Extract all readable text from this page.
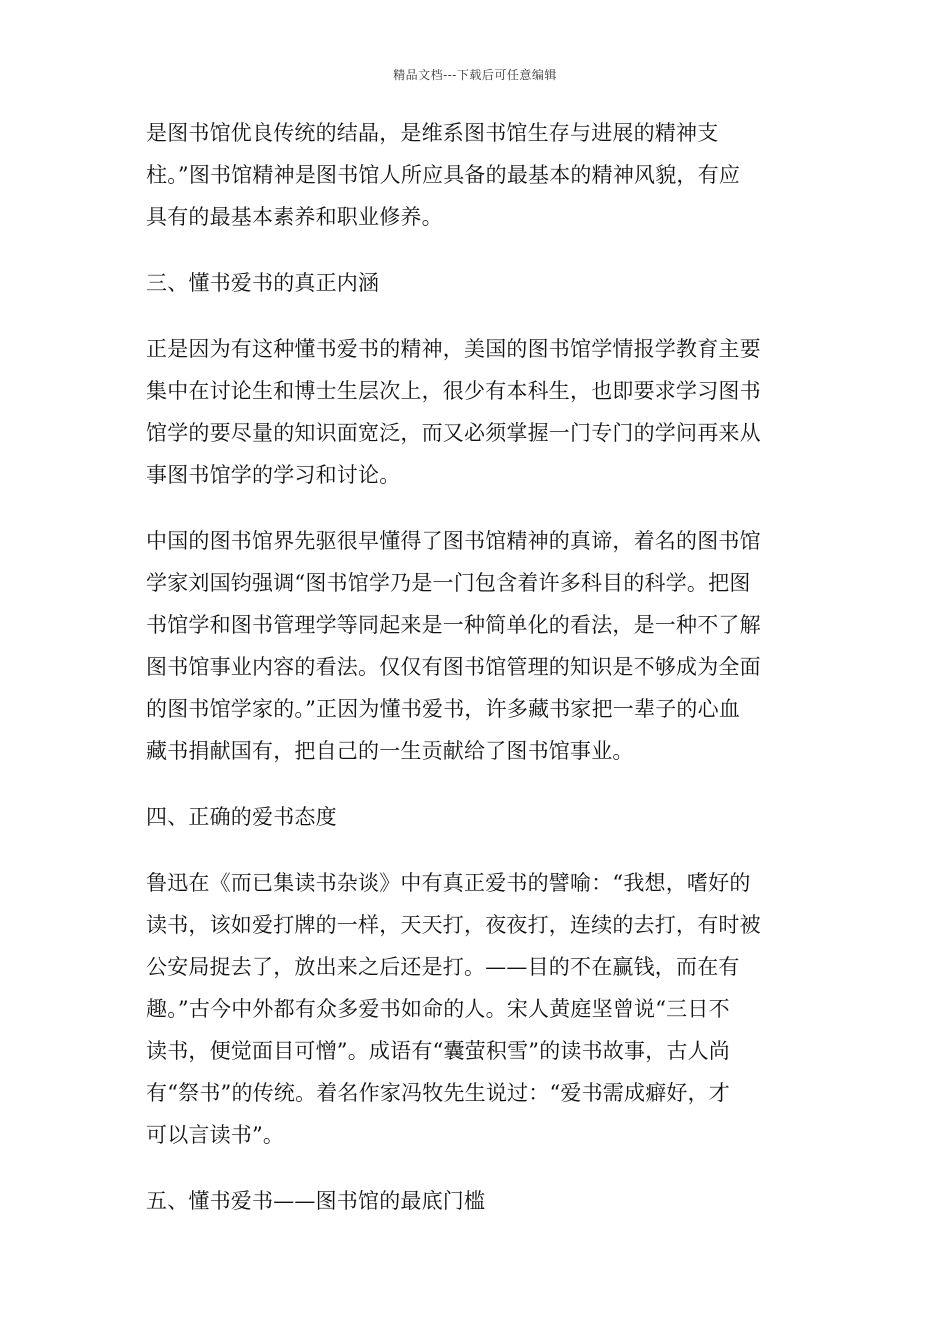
精品文档---下载后可任意编辑
是图书馆优良传统的结晶，是维系图书馆生存与进展的精神支
柱。”图书馆精神是图书馆人所应具备的最基本的精神风貌，有应
具有的最基本素养和职业修养。
三、懂书爱书的真正内涵
正是因为有这种懂书爱书的精神，美国的图书馆学情报学教育主要
集中在讨论生和博士生层次上，很少有本科生，也即要求学习图书
馆学的要尽量的知识面宽泛，而又必须掌握一门专门的学问再来从
事图书馆学的学习和讨论。
中国的图书馆界先驱很早懂得了图书馆精神的真谛，着名的图书馆
学家刘国钧强调“图书馆学乃是一门包含着许多科目的科学。把图
书馆学和图书管理学等同起来是一种简单化的看法，是一种不了解
图书馆事业内容的看法。仅仅有图书馆管理的知识是不够成为全面
的图书馆学家的。”正因为懂书爱书，许多藏书家把一辈子的心血
藏书捐献国有，把自己的一生贡献给了图书馆事业。
四、正确的爱书态度
鲁迅在《而已集读书杂谈》中有真正爱书的譬喻：“我想，嗜好的
读书，该如爱打牌的一样，天天打，夜夜打，连续的去打，有时被
公安局捉去了，放出来之后还是打。——目的不在赢钱，而在有
趣。”古今中外都有众多爱书如命的人。宋人黄庭坚曾说“三日不
读书，便觉面目可憎”。成语有“囊萤积雪”的读书故事，古人尚
有“祭书”的传统。着名作家冯牧先生说过：“爱书需成癖好，才
可以言读书”。
五、懂书爱书——图书馆的最底门槛
